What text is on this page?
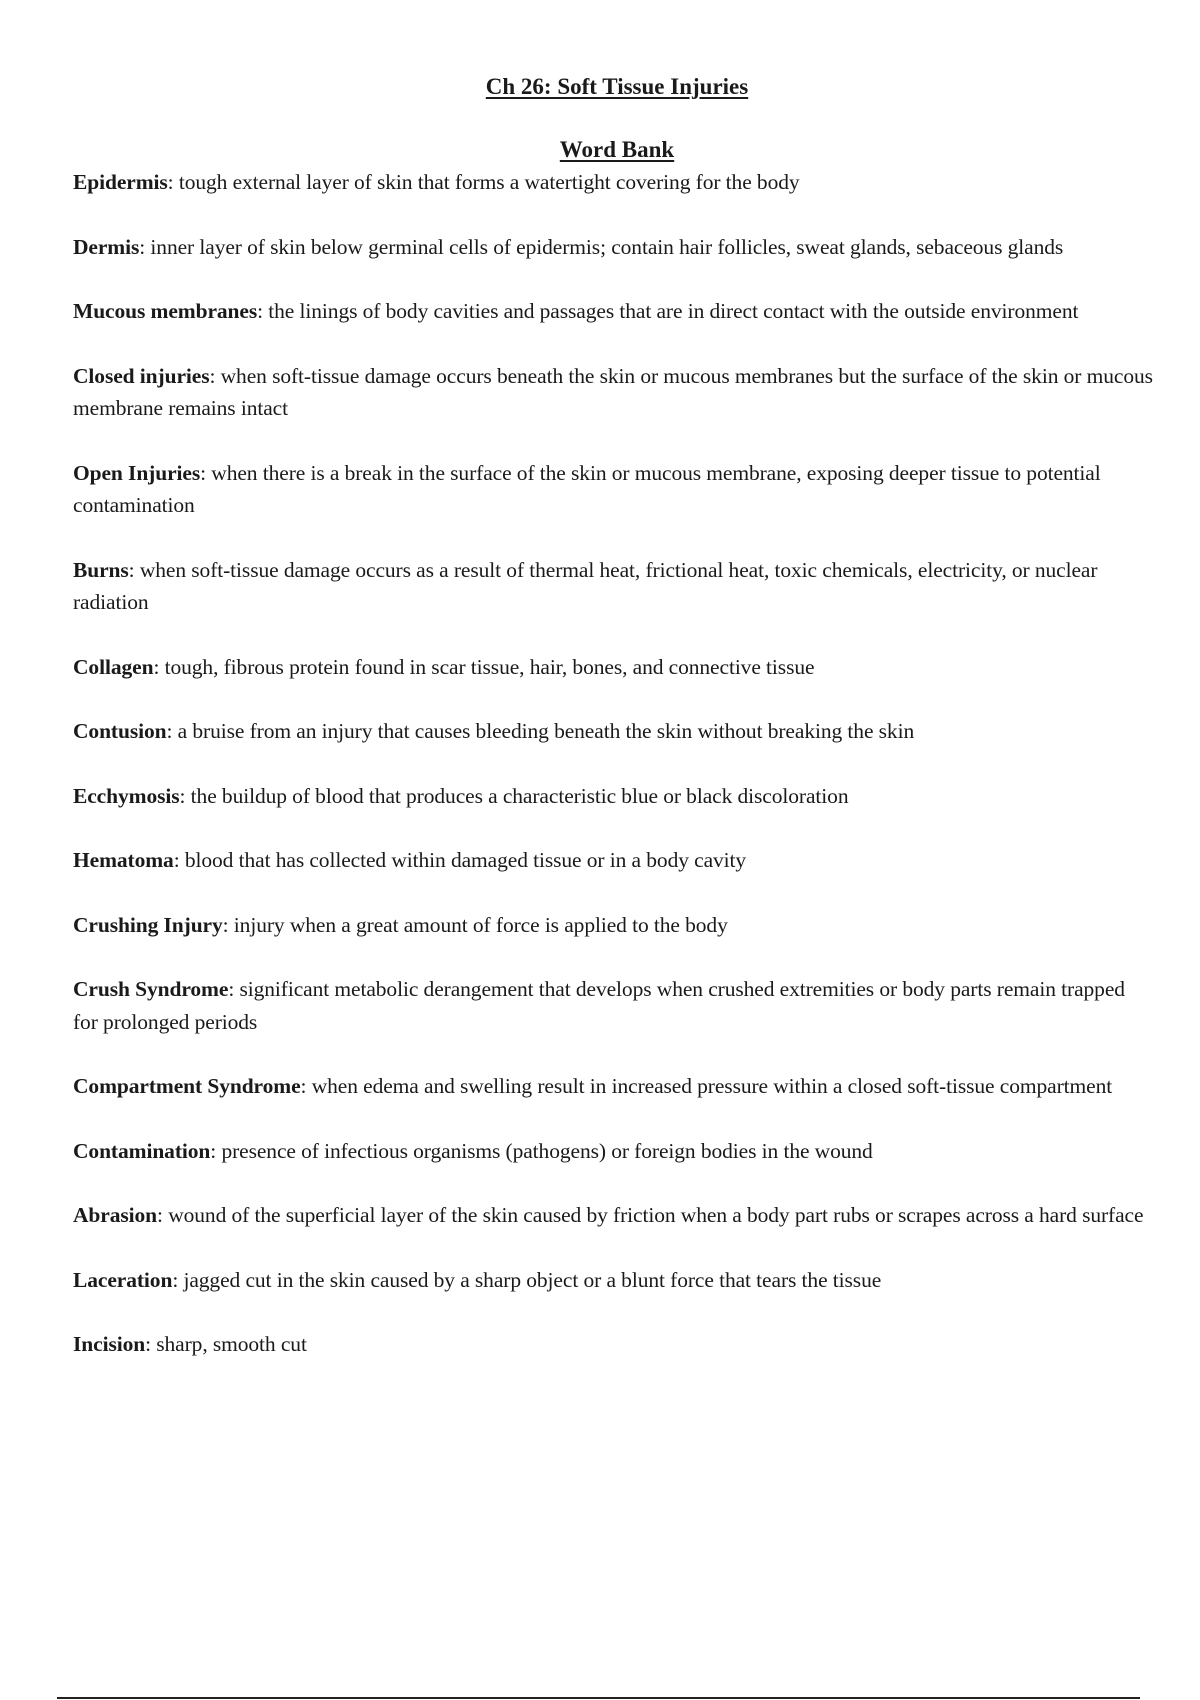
Ch 26: Soft Tissue Injuries
Word Bank
Epidermis: tough external layer of skin that forms a watertight covering for the body
Dermis: inner layer of skin below germinal cells of epidermis; contain hair follicles, sweat glands, sebaceous glands
Mucous membranes: the linings of body cavities and passages that are in direct contact with the outside environment
Closed injuries: when soft-tissue damage occurs beneath the skin or mucous membranes but the surface of the skin or mucous membrane remains intact
Open Injuries: when there is a break in the surface of the skin or mucous membrane, exposing deeper tissue to potential contamination
Burns: when soft-tissue damage occurs as a result of thermal heat, frictional heat, toxic chemicals, electricity, or nuclear radiation
Collagen: tough, fibrous protein found in scar tissue, hair, bones, and connective tissue
Contusion: a bruise from an injury that causes bleeding beneath the skin without breaking the skin
Ecchymosis: the buildup of blood that produces a characteristic blue or black discoloration
Hematoma: blood that has collected within damaged tissue or in a body cavity
Crushing Injury: injury when a great amount of force is applied to the body
Crush Syndrome: significant metabolic derangement that develops when crushed extremities or body parts remain trapped for prolonged periods
Compartment Syndrome: when edema and swelling result in increased pressure within a closed soft-tissue compartment
Contamination: presence of infectious organisms (pathogens) or foreign bodies in the wound
Abrasion: wound of the superficial layer of the skin caused by friction when a body part rubs or scrapes across a hard surface
Laceration: jagged cut in the skin caused by a sharp object or a blunt force that tears the tissue
Incision: sharp, smooth cut
